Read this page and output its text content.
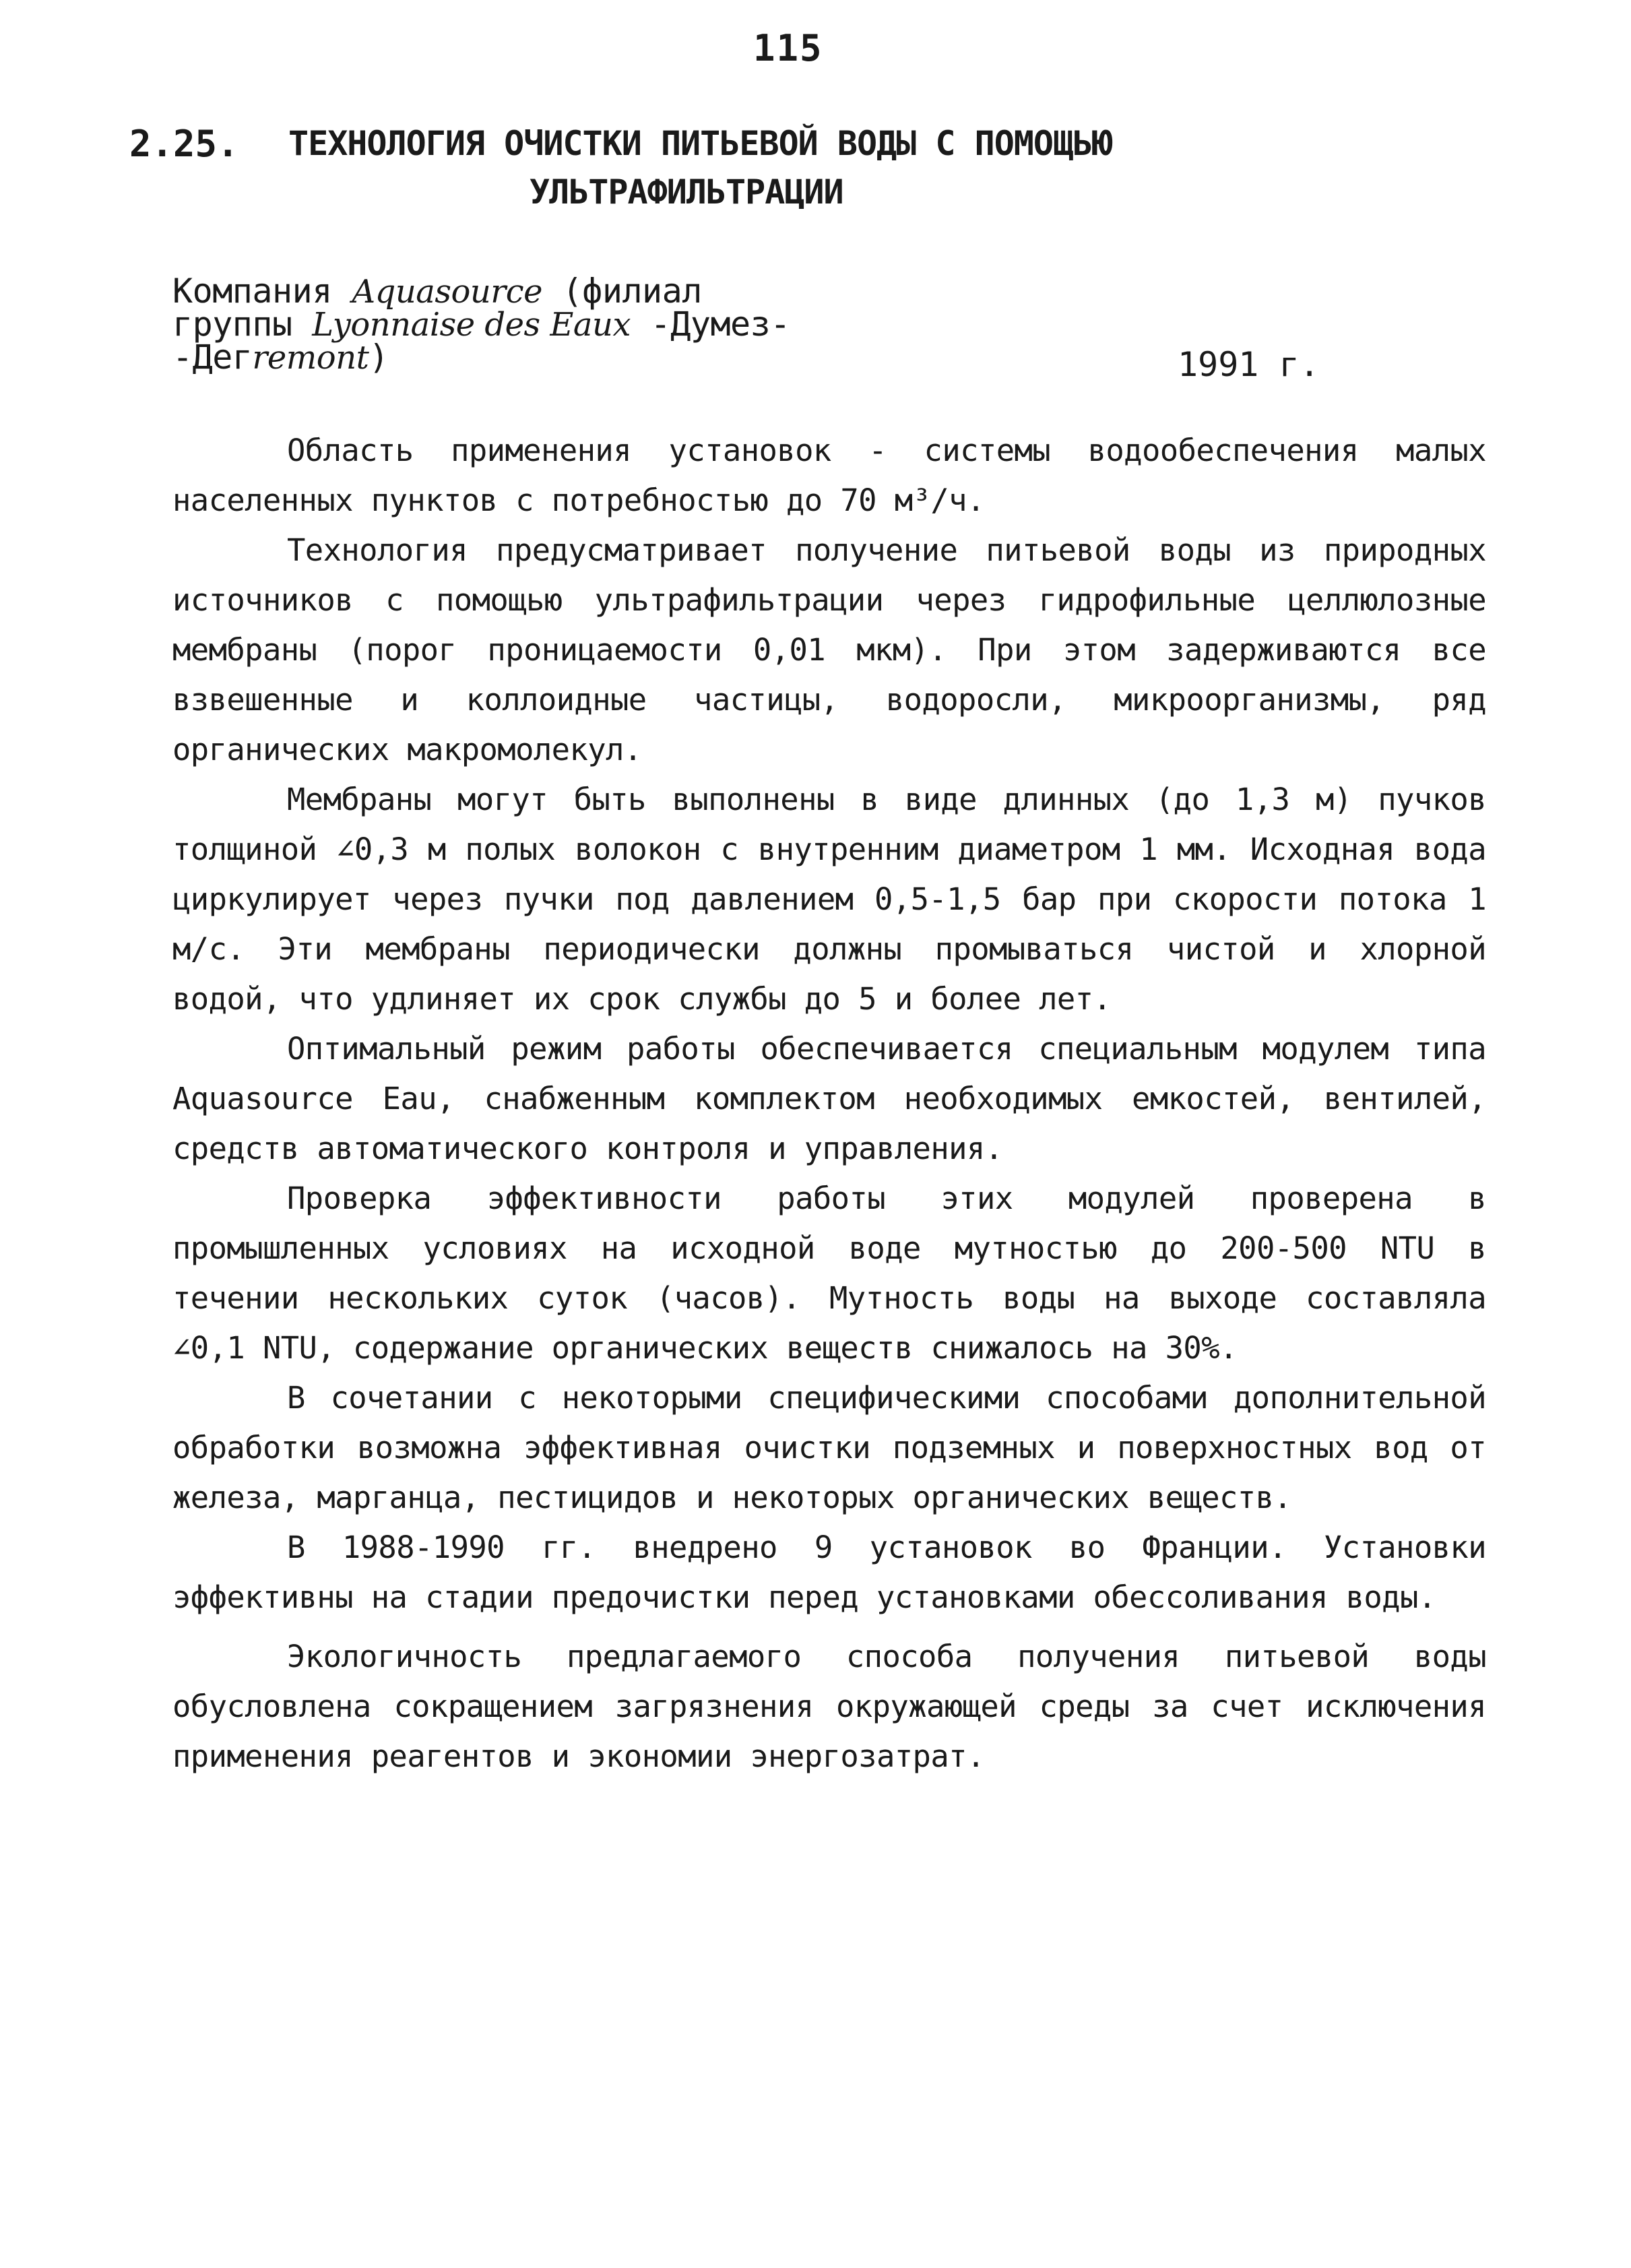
115
2.25. ТЕХНОЛОГИЯ ОЧИСТКИ ПИТЬЕВОЙ ВОДЫ С ПОМОЩЬЮ
УЛЬТРАФИЛЬТРАЦИИ
Компания Aquasource (филиал
группы Lyonnaise des Eaux -Думез-
-Дегremont)	1991 г.

Область применения установок - системы водообеспечения малых населенных пунктов с потребностью до 70 м³/ч.

Технология предусматривает получение питьевой воды из природных источников с помощью ультрафильтрации через гидрофильные целлюлозные мембраны (порог проницаемости 0,01 мкм). При этом задерживаются все взвешенные и коллоидные частицы, водоросли, микроорганизмы, ряд органических макромолекул.

Мембраны могут быть выполнены в виде длинных (до 1,3 м) пучков толщиной ∠0,3 м полых волокон с внутренним диаметром 1 мм. Исходная вода циркулирует через пучки под давлением 0,5-1,5 бар при скорости потока 1 м/с. Эти мембраны периодически должны промываться чистой и хлорной водой, что удлиняет их срок службы до 5 и более лет.

Оптимальный режим работы обеспечивается специальным модулем типа Aquasource Eau, снабженным комплектом необходимых емкостей, вентилей, средств автоматического контроля и управления.

Проверка эффективности работы этих модулей проверена в промышленных условиях на исходной воде мутностью до 200-500 NTU в течении нескольких суток (часов). Мутность воды на выходе составляла ∠0,1 NTU, содержание органических веществ снижалось на 30%.

В сочетании с некоторыми специфическими способами дополнительной обработки возможна эффективная очистки подземных и поверхностных вод от железа, марганца, пестицидов и некоторых органических веществ.

В 1988-1990 гг. внедрено 9 установок во Франции. Установки эффективны на стадии предочистки перед установками обессоливания воды.

Экологичность предлагаемого способа получения питьевой воды обусловлена сокращением загрязнения окружающей среды за счет исключения применения реагентов и экономии энергозатрат.
